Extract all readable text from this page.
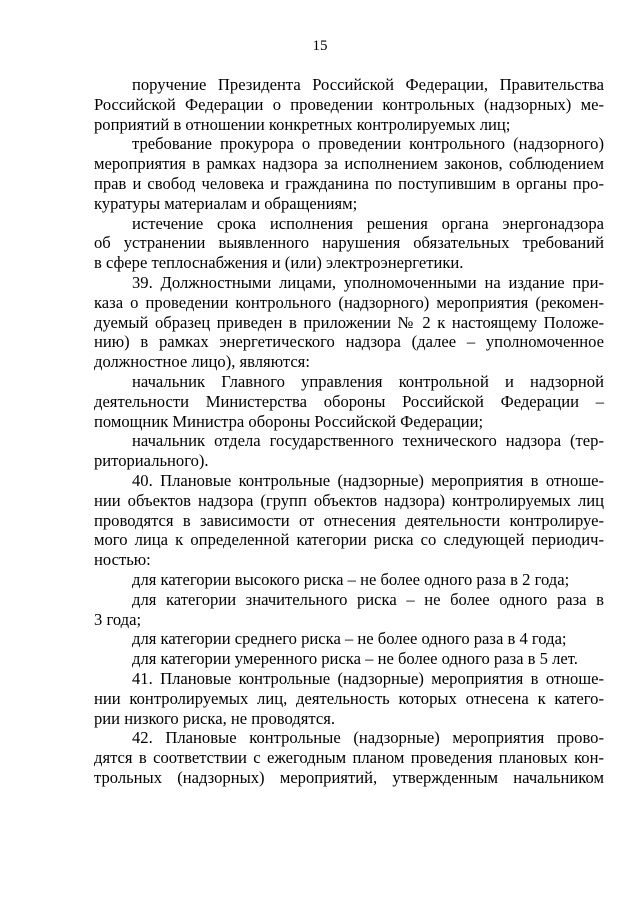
15
поручение Президента Российской Федерации, Правительства
Российской Федерации о проведении контрольных (надзорных) ме-
роприятий в отношении конкретных контролируемых лиц;
требование прокурора о проведении контрольного (надзорного)
мероприятия в рамках надзора за исполнением законов, соблюдением
прав и свобод человека и гражданина по поступившим в органы про-
куратуры материалам и обращениям;
истечение срока исполнения решения органа энергонадзора
об устранении выявленного нарушения обязательных требований
в сфере теплоснабжения и (или) электроэнергетики.
39. Должностными лицами, уполномоченными на издание при-
каза о проведении контрольного (надзорного) мероприятия (рекомен-
дуемый образец приведен в приложении № 2 к настоящему Положе-
нию) в рамках энергетического надзора (далее – уполномоченное
должностное лицо), являются:
начальник Главного управления контрольной и надзорной
деятельности Министерства обороны Российской Федерации –
помощник Министра обороны Российской Федерации;
начальник отдела государственного технического надзора (тер-
риториального).
40. Плановые контрольные (надзорные) мероприятия в отноше-
нии объектов надзора (групп объектов надзора) контролируемых лиц
проводятся в зависимости от отнесения деятельности контролируе-
мого лица к определенной категории риска со следующей периодич-
ностью:
для категории высокого риска – не более одного раза в 2 года;
для категории значительного риска – не более одного раза в
3 года;
для категории среднего риска – не более одного раза в 4 года;
для категории умеренного риска – не более одного раза в 5 лет.
41. Плановые контрольные (надзорные) мероприятия в отноше-
нии контролируемых лиц, деятельность которых отнесена к катего-
рии низкого риска, не проводятся.
42. Плановые контрольные (надзорные) мероприятия прово-
дятся в соответствии с ежегодным планом проведения плановых кон-
трольных (надзорных) мероприятий, утвержденным начальником
